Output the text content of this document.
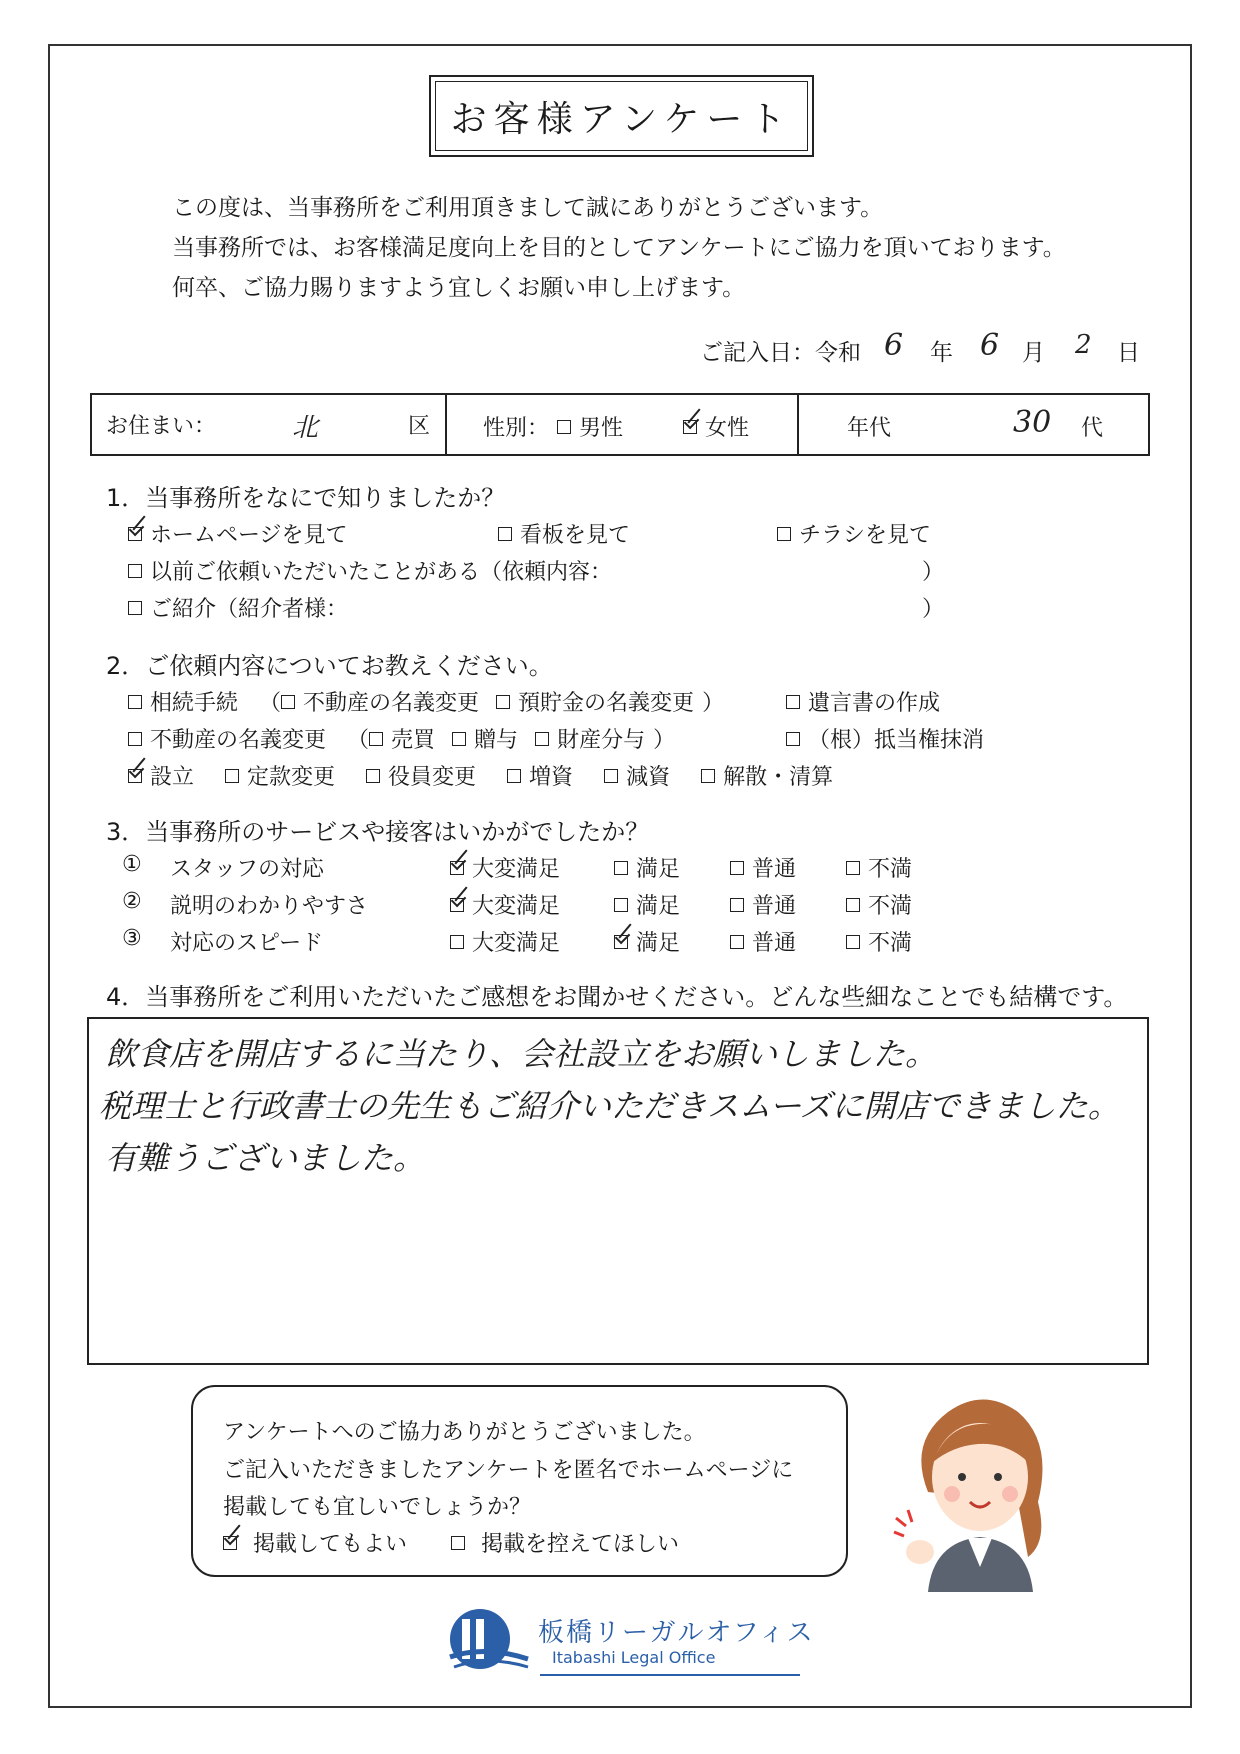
お客様アンケート
この度は、当事務所をご利用頂きまして誠にありがとうございます。
当事務所では、お客様満足度向上を目的としてアンケートにご協力を頂いております。
何卒、ご協力賜りますよう宜しくお願い申し上げます。
ご記入日：令和 6 年 6 月 2 日
お住まい：	北	区 性別：	男性	女性	年代	30 代
1．当事務所をなにで知りましたか？
ホームページを見て	看板を見て	チラシを見て
以前ご依頼いただいたことがある（依頼内容：	）
ご紹介（紹介者様：	）
2．ご依頼内容についてお教えください。
相続手続 （ 不動産の名義変更 預貯金の名義変更 ）	遺言書の作成
不動産の名義変更 （ 売買 贈与 財産分与 ）	（根）抵当権抹消
設立 定款変更 役員変更 増資 減資 解散・清算
3．当事務所のサービスや接客はいかがでしたか？
① スタッフの対応	大変満足	満足	普通	不満
② 説明のわかりやすさ	大変満足	満足	普通	不満
③ 対応のスピード	大変満足	満足	普通	不満
4．当事務所をご利用いただいたご感想をお聞かせください。どんな些細なことでも結構です。
飲食店を開店するに当たり、会社設立をお願いしました。
税理士と行政書士の先生もご紹介いただきスムーズに開店できました。
有難うございました。
アンケートへのご協力ありがとうございました。
ご記入いただきましたアンケートを匿名でホームページに
掲載しても宜しいでしょうか？
掲載してもよい	掲載を控えてほしい
板橋リーガルオフィス
Itabashi Legal Office
